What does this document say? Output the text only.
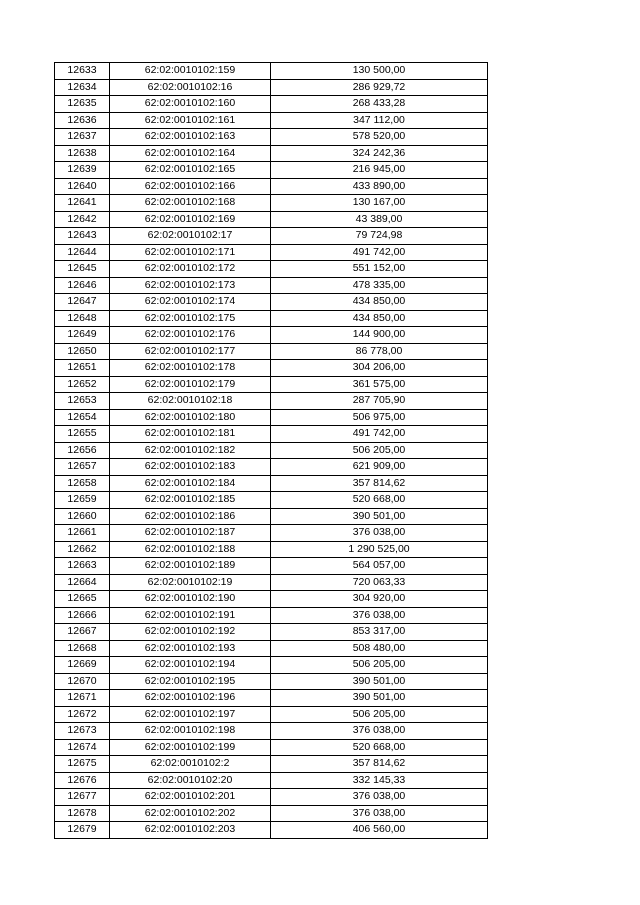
12633	62:02:0010102:159	130 500,00
12634	62:02:0010102:16	286 929,72
12635	62:02:0010102:160	268 433,28
12636	62:02:0010102:161	347 112,00
12637	62:02:0010102:163	578 520,00
12638	62:02:0010102:164	324 242,36
12639	62:02:0010102:165	216 945,00
12640	62:02:0010102:166	433 890,00
12641	62:02:0010102:168	130 167,00
12642	62:02:0010102:169	43 389,00
12643	62:02:0010102:17	79 724,98
12644	62:02:0010102:171	491 742,00
12645	62:02:0010102:172	551 152,00
12646	62:02:0010102:173	478 335,00
12647	62:02:0010102:174	434 850,00
12648	62:02:0010102:175	434 850,00
12649	62:02:0010102:176	144 900,00
12650	62:02:0010102:177	86 778,00
12651	62:02:0010102:178	304 206,00
12652	62:02:0010102:179	361 575,00
12653	62:02:0010102:18	287 705,90
12654	62:02:0010102:180	506 975,00
12655	62:02:0010102:181	491 742,00
12656	62:02:0010102:182	506 205,00
12657	62:02:0010102:183	621 909,00
12658	62:02:0010102:184	357 814,62
12659	62:02:0010102:185	520 668,00
12660	62:02:0010102:186	390 501,00
12661	62:02:0010102:187	376 038,00
12662	62:02:0010102:188	1 290 525,00
12663	62:02:0010102:189	564 057,00
12664	62:02:0010102:19	720 063,33
12665	62:02:0010102:190	304 920,00
12666	62:02:0010102:191	376 038,00
12667	62:02:0010102:192	853 317,00
12668	62:02:0010102:193	508 480,00
12669	62:02:0010102:194	506 205,00
12670	62:02:0010102:195	390 501,00
12671	62:02:0010102:196	390 501,00
12672	62:02:0010102:197	506 205,00
12673	62:02:0010102:198	376 038,00
12674	62:02:0010102:199	520 668,00
12675	62:02:0010102:2	357 814,62
12676	62:02:0010102:20	332 145,33
12677	62:02:0010102:201	376 038,00
12678	62:02:0010102:202	376 038,00
12679	62:02:0010102:203	406 560,00
